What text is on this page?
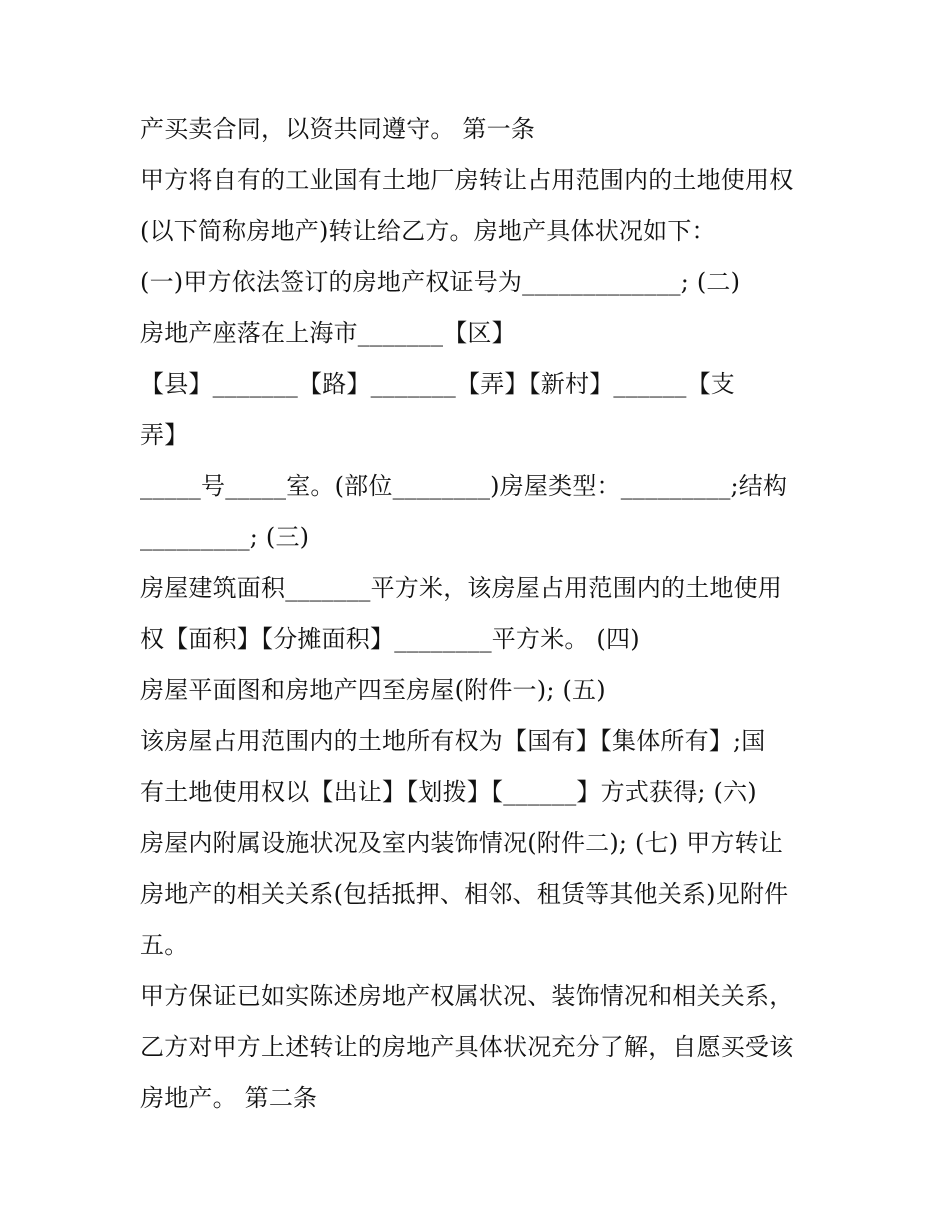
产买卖合同，以资共同遵守。 第一条
甲方将自有的工业国有土地厂房转让占用范围内的土地使用权
(以下简称房地产)转让给乙方。房地产具体状况如下：
(一)甲方依法签订的房地产权证号为_____________; (二)
房地产座落在上海市_______【区】
【县】_______【路】_______【弄】【新村】______【支
弄】
_____号_____室。(部位________)房屋类型：_________;结构
_________; (三)
房屋建筑面积_______平方米，该房屋占用范围内的土地使用
权【面积】【分摊面积】________平方米。 (四)
房屋平面图和房地产四至房屋(附件一); (五)
该房屋占用范围内的土地所有权为【国有】【集体所有】;国
有土地使用权以【出让】【划拨】【______】方式获得; (六)
房屋内附属设施状况及室内装饰情况(附件二); (七) 甲方转让
房地产的相关关系(包括抵押、相邻、租赁等其他关系)见附件
五。
甲方保证已如实陈述房地产权属状况、装饰情况和相关关系，
乙方对甲方上述转让的房地产具体状况充分了解，自愿买受该
房地产。 第二条
